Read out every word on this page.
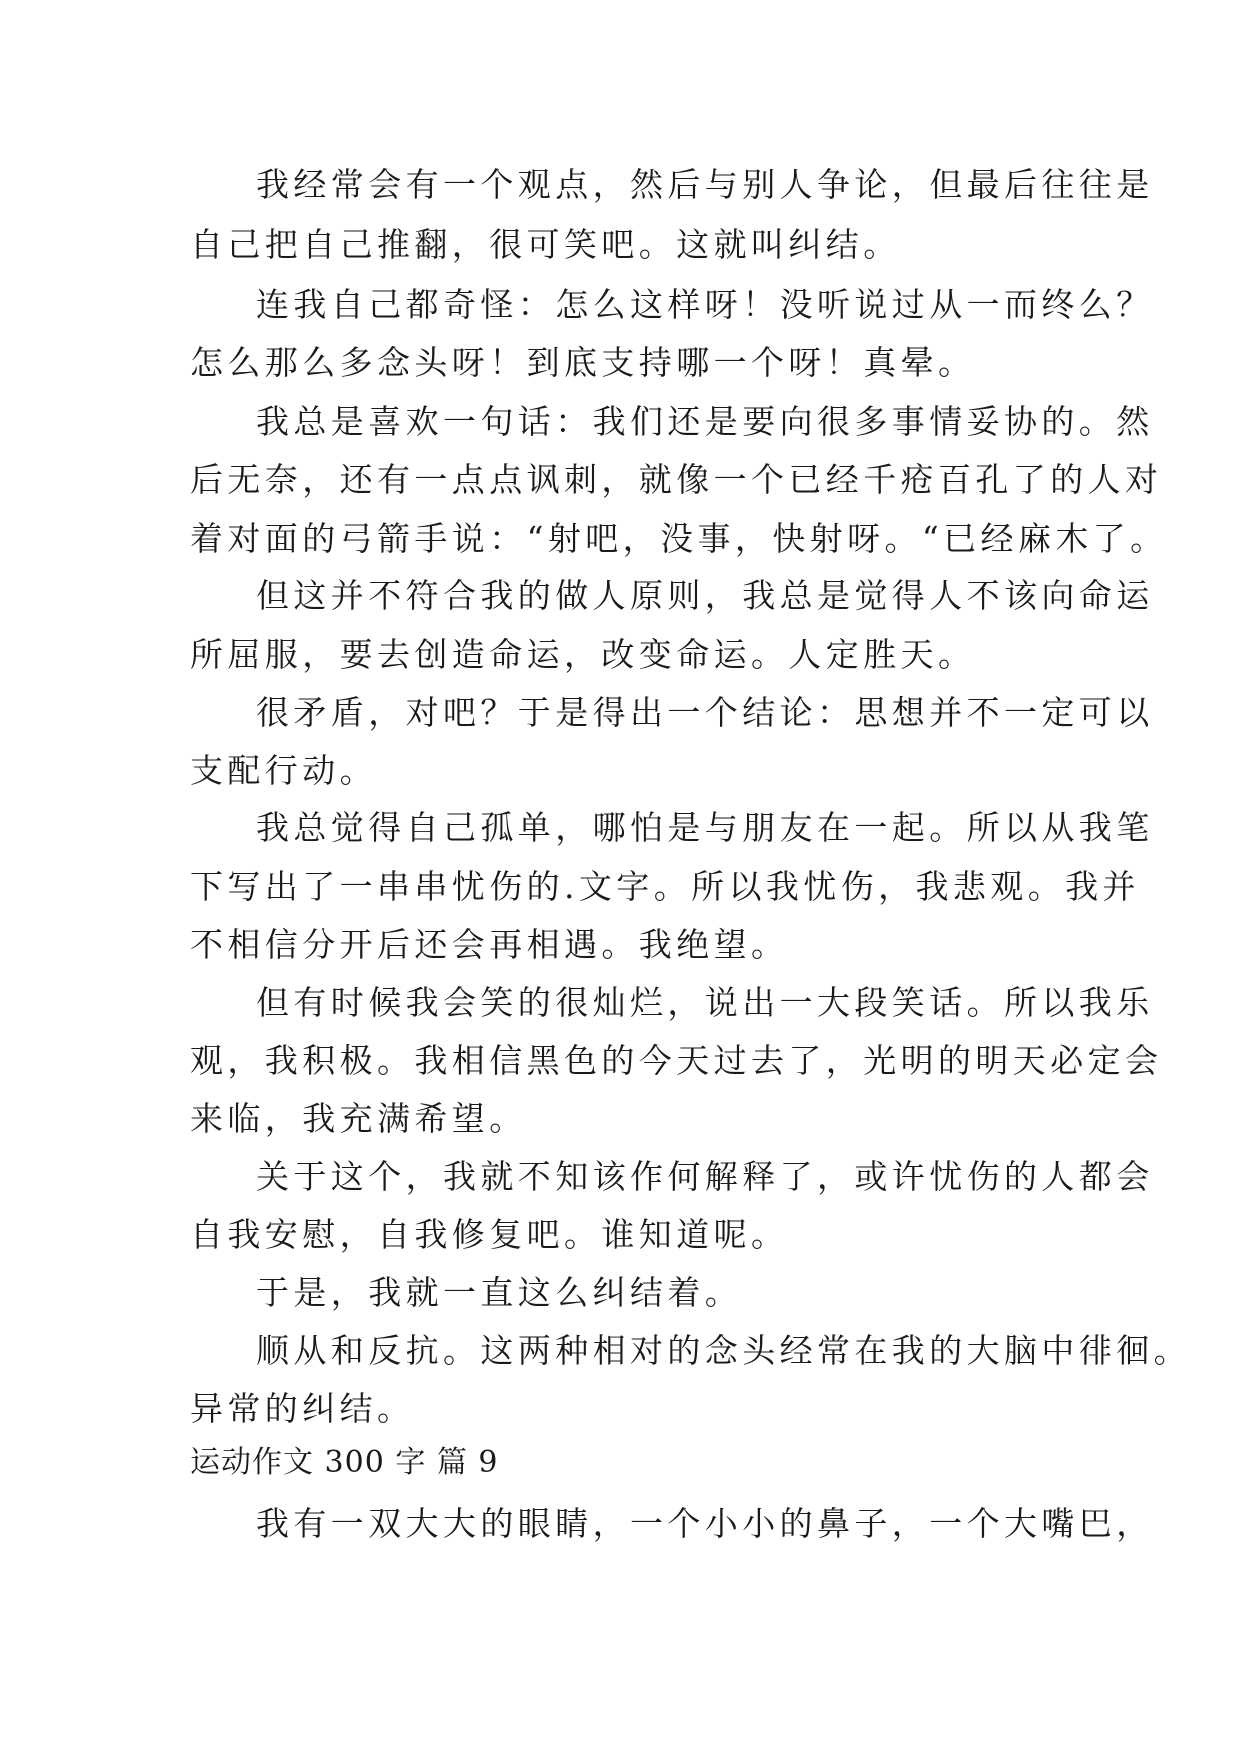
我经常会有一个观点，然后与别人争论，但最后往往是
自己把自己推翻，很可笑吧。这就叫纠结。
连我自己都奇怪：怎么这样呀！没听说过从一而终么？
怎么那么多念头呀！到底支持哪一个呀！真晕。
我总是喜欢一句话：我们还是要向很多事情妥协的。然
后无奈，还有一点点讽刺，就像一个已经千疮百孔了的人对
着对面的弓箭手说：“射吧，没事，快射呀。“已经麻木了。
但这并不符合我的做人原则，我总是觉得人不该向命运
所屈服，要去创造命运，改变命运。人定胜天。
很矛盾，对吧？于是得出一个结论：思想并不一定可以
支配行动。
我总觉得自己孤单，哪怕是与朋友在一起。所以从我笔
下写出了一串串忧伤的.文字。所以我忧伤，我悲观。我并
不相信分开后还会再相遇。我绝望。
但有时候我会笑的很灿烂，说出一大段笑话。所以我乐
观，我积极。我相信黑色的今天过去了，光明的明天必定会
来临，我充满希望。
关于这个，我就不知该作何解释了，或许忧伤的人都会
自我安慰，自我修复吧。谁知道呢。
于是，我就一直这么纠结着。
顺从和反抗。这两种相对的念头经常在我的大脑中徘徊。
异常的纠结。
运动作文 300 字 篇 9
我有一双大大的眼睛，一个小小的鼻子，一个大嘴巴，
